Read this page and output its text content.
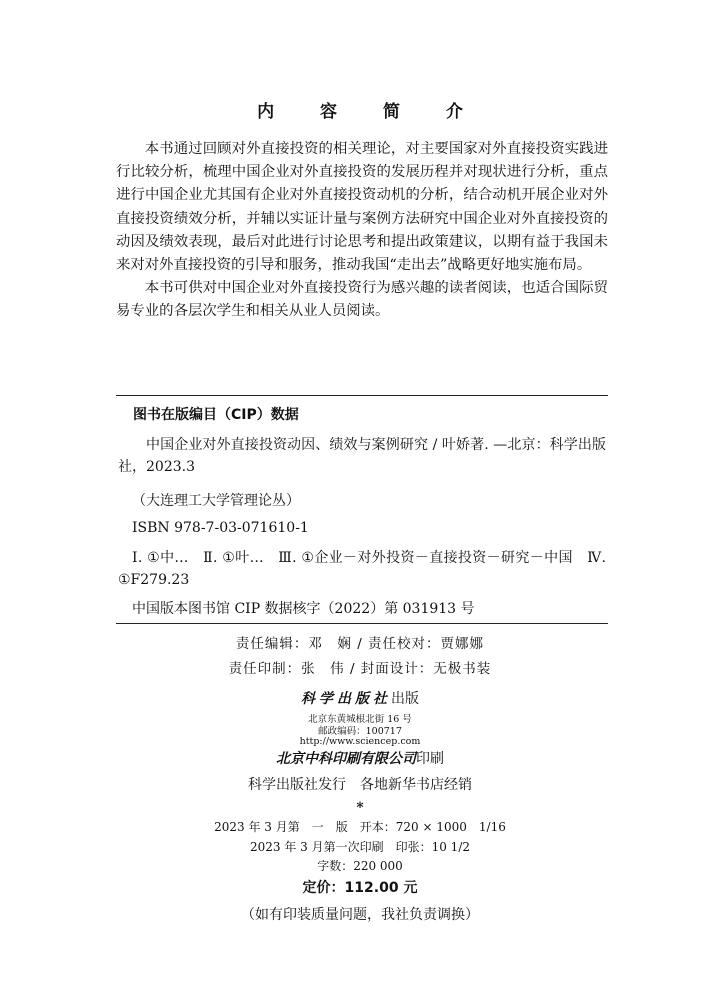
内 容 简 介

本书通过回顾对外直接投资的相关理论，对主要国家对外直接投资实践进行比较分析，梳理中国企业对外直接投资的发展历程并对现状进行分析，重点进行中国企业尤其国有企业对外直接投资动机的分析，结合动机开展企业对外直接投资绩效分析，并辅以实证计量与案例方法研究中国企业对外直接投资的动因及绩效表现，最后对此进行讨论思考和提出政策建议，以期有益于我国未来对对外直接投资的引导和服务，推动我国“走出去”战略更好地实施布局。

本书可供对中国企业对外直接投资行为感兴趣的读者阅读，也适合国际贸易专业的各层次学生和相关从业人员阅读。

图书在版编目（CIP）数据
中国企业对外直接投资动因、绩效与案例研究 / 叶娇著. —北京：科学出版社，2023.3
（大连理工大学管理论丛）
ISBN 978-7-03-071610-1
Ⅰ. ①中…　Ⅱ. ①叶…　Ⅲ. ①企业－对外投资－直接投资－研究－中国　Ⅳ. ①F279.23
中国版本图书馆 CIP 数据核字（2022）第 031913 号
责任编辑：邓　娴 / 责任校对：贾娜娜
责任印制：张　伟 / 封面设计：无极书装
科学出版社出版
北京东黄城根北街 16 号
邮政编码：100717
http://www.sciencep.com
北京中科印刷有限公司印刷
科学出版社发行　各地新华书店经销
*
2023 年 3 月第　一　版　开本：720 × 1000　1/16
2023 年 3 月第一次印刷　印张：10 1/2
字数：220 000
定价：112.00 元
（如有印装质量问题，我社负责调换）
